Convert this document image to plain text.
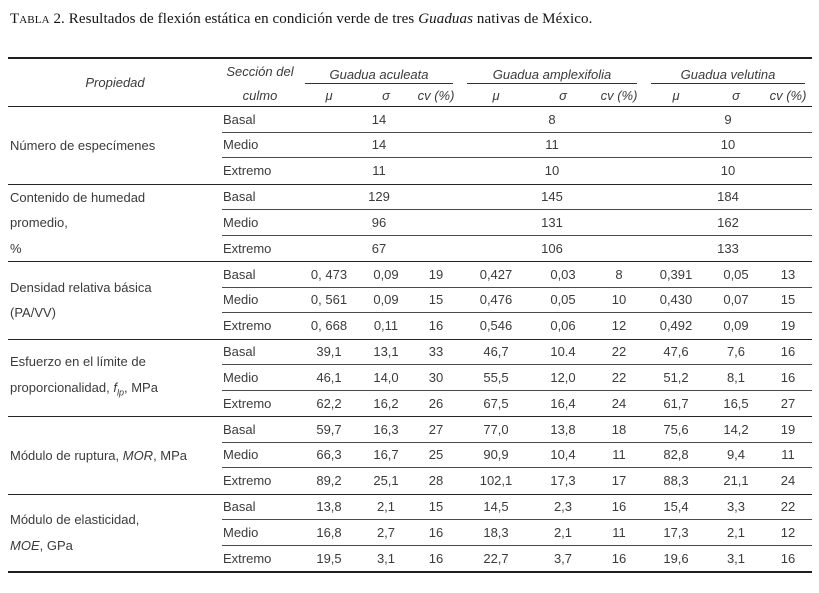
Tabla 2. Resultados de flexión estática en condición verde de tres Guaduas nativas de México.
Propiedad
Sección del
culmo
Guadua aculeata	Guadua amplexifolia	Guadua velutina
μ	σ	cv (%)	μ	σ	cv (%)	μ	σ	cv (%)
Número de especímenes
Basal	14	8	9
Medio	14	11	10
Extremo	11	10	10
Contenido de humedad
promedio,
%
Basal	129	145	184
Medio	96	131	162
Extremo	67	106	133
Densidad relativa básica
(PA/VV)
Basal	0, 473	0,09	19	0,427	0,03	8	0,391	0,05	13
Medio	0, 561	0,09	15	0,476	0,05	10	0,430	0,07	15
Extremo	0, 668	0,11	16	0,546	0,06	12	0,492	0,09	19
Esfuerzo en el límite de
proporcionalidad, $f_{lp}$, MPa
Basal	39,1	13,1	33	46,7	10.4	22	47,6	7,6	16
Medio	46,1	14,0	30	55,5	12,0	22	51,2	8,1	16
Extremo	62,2	16,2	26	67,5	16,4	24	61,7	16,5	27
Módulo de ruptura, MOR, MPa
Basal	59,7	16,3	27	77,0	13,8	18	75,6	14,2	19
Medio	66,3	16,7	25	90,9	10,4	11	82,8	9,4	11
Extremo	89,2	25,1	28	102,1	17,3	17	88,3	21,1	24
Módulo de elasticidad,
MOE, GPa
Basal	13,8	2,1	15	14,5	2,3	16	15,4	3,3	22
Medio	16,8	2,7	16	18,3	2,1	11	17,3	2,1	12
Extremo	19,5	3,1	16	22,7	3,7	16	19,6	3,1	16
